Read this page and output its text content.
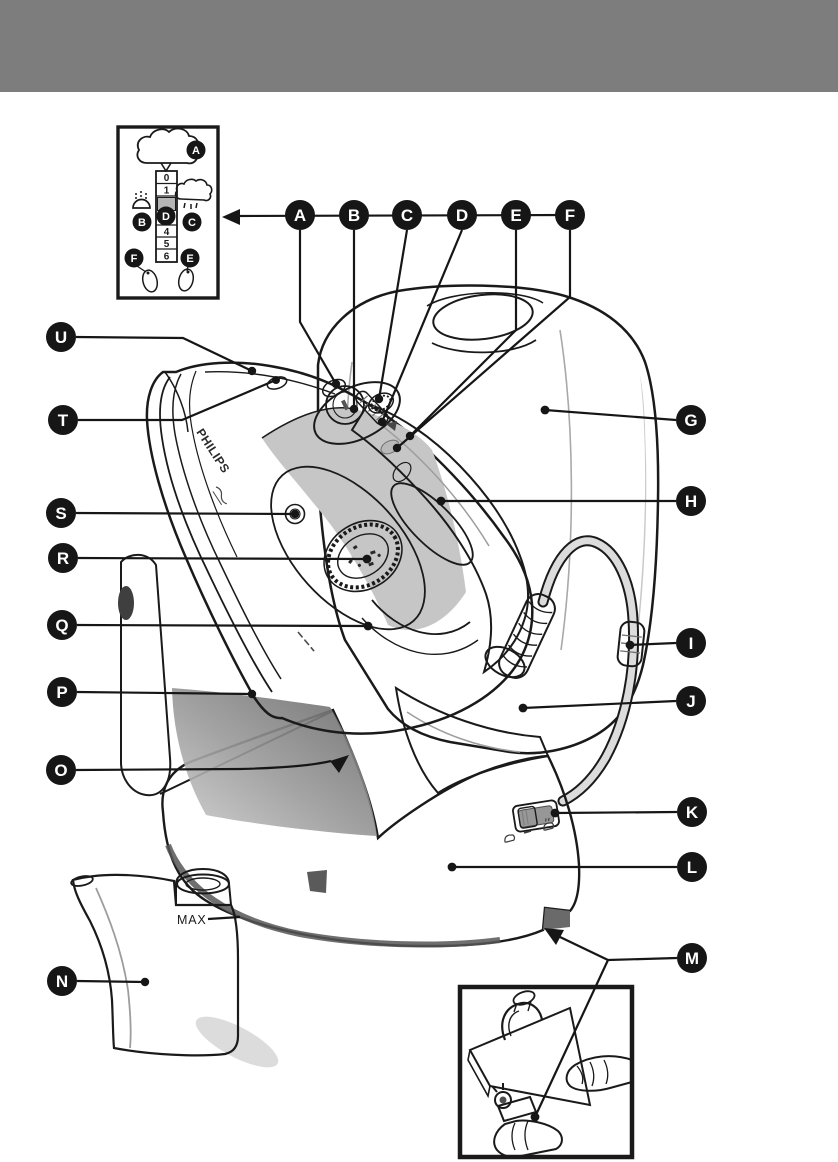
PHILIPS
MAX
0
1
4
5
6
A
B	C
D
E
F
A B C	D E	F
U
T
S
R
Q
P
O
N
G
H
I
J
K
L
M
